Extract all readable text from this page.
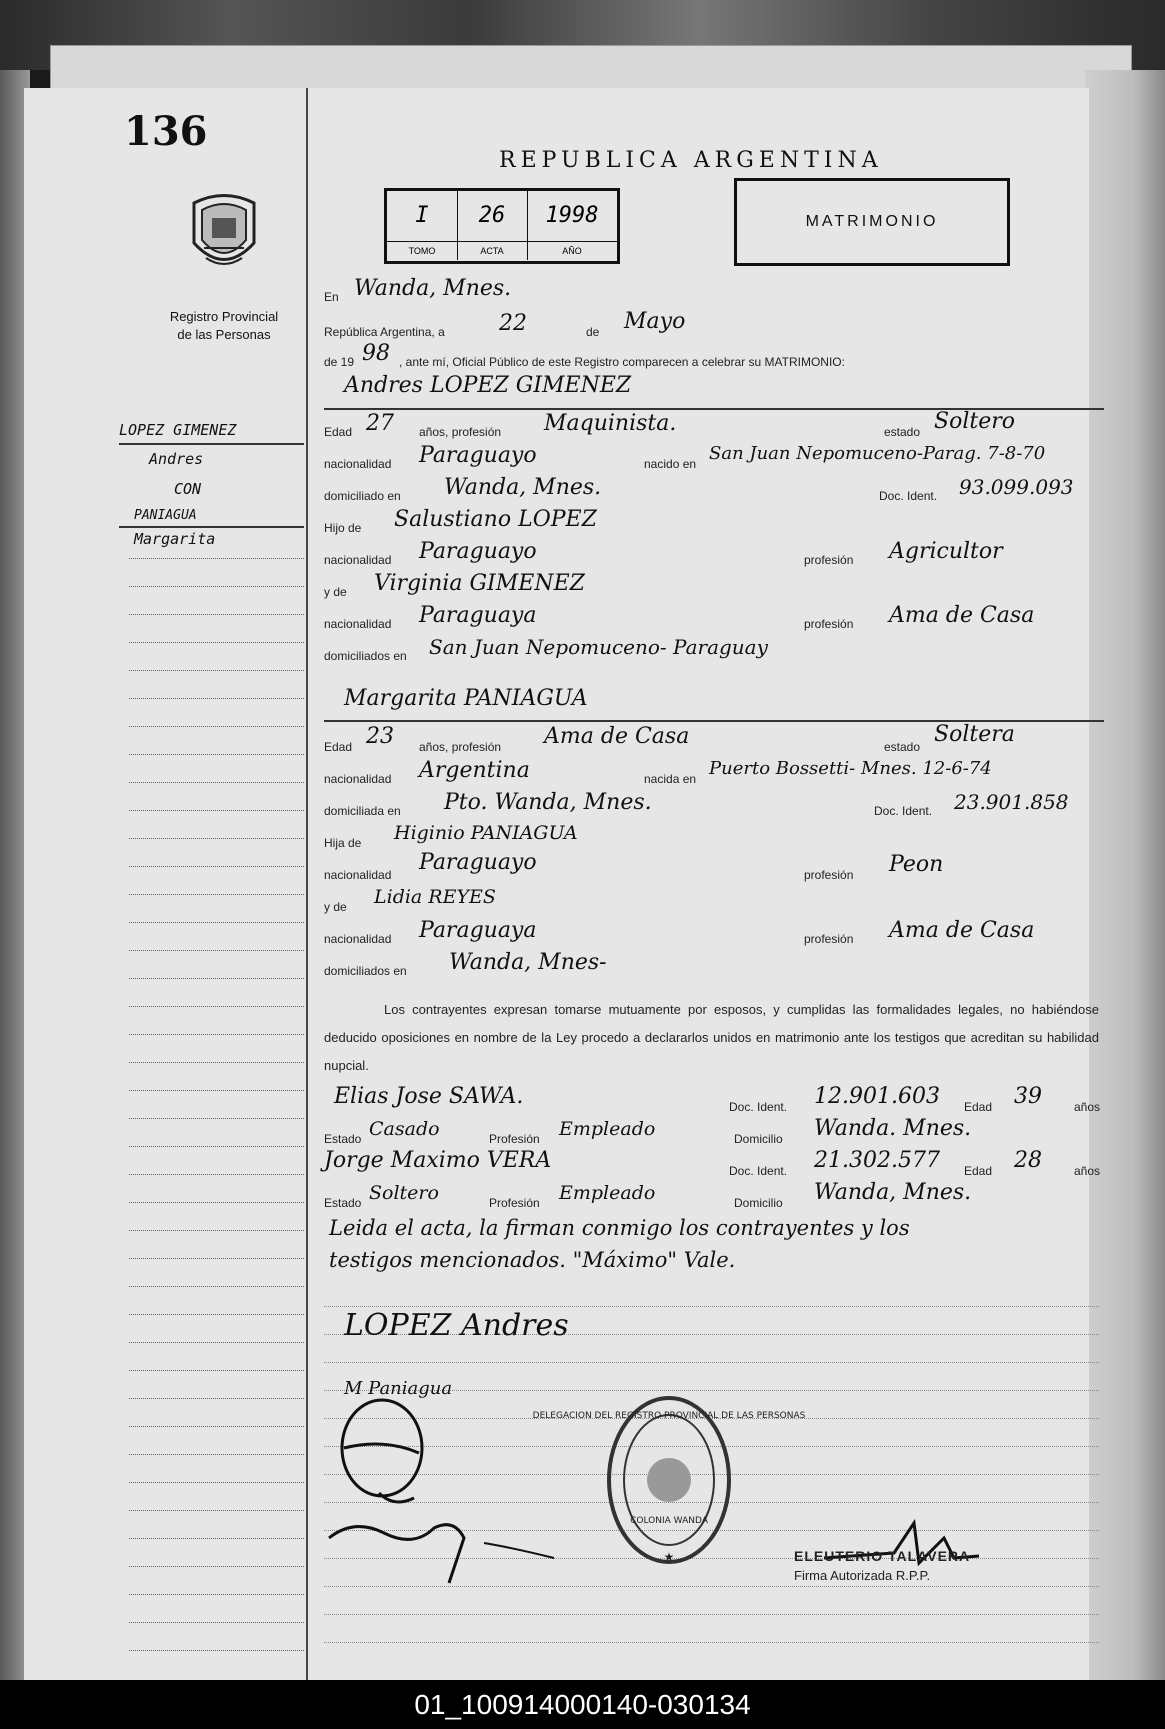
136
Registro Provincial
de las Personas
LOPEZ GIMENEZ
Andres
CON
PANIAGUA
Margarita
REPUBLICA ARGENTINA
I	26	1998
TOMO	ACTA	AÑO
MATRIMONIO
En Wanda, Mnes.
República Argentina, a 22	de Mayo
de 19 98 , ante mí, Oficial Público de este Registro comparecen a celebrar su MATRIMONIO:
Andres LOPEZ GIMENEZ
Edad 27 años, profesión Maquinista.	estado Soltero
nacionalidad Paraguayo	nacido en San Juan Nepomuceno-Parag. 7-8-70
domiciliado en Wanda, Mnes.	Doc. Ident. 93.099.093
Hijo de Salustiano LOPEZ
nacionalidad Paraguayo	profesión Agricultor
y de Virginia GIMENEZ
nacionalidad Paraguaya	profesión Ama de Casa
domiciliados en San Juan Nepomuceno- Paraguay
Margarita PANIAGUA
Edad 23 años, profesión Ama de Casa	estado Soltera
nacionalidad Argentina	nacida en Puerto Bossetti- Mnes. 12-6-74
domiciliada en Pto. Wanda, Mnes.	Doc. Ident. 23.901.858
Hija de Higinio PANIAGUA
nacionalidad Paraguayo	profesión Peon
y de Lidia REYES
nacionalidad Paraguaya	profesión Ama de Casa
domiciliados en Wanda, Mnes-
Los contrayentes expresan tomarse mutuamente por esposos, y cumplidas las formalidades legales, no habiéndose deducido oposiciones en nombre de la Ley procedo a declararlos unidos en matrimonio ante los testigos que acreditan su habilidad nupcial.
Elias Jose SAWA.	Doc. Ident. 12.901.603 Edad 39	años
Estado Casado	Profesión Empleado	Domicilio Wanda. Mnes.
Jorge Maximo VERA	Doc. Ident. 21.302.577 Edad 28	años
Estado Soltero	Profesión Empleado	Domicilio Wanda, Mnes.
Leida el acta, la firman conmigo los contrayentes y los
testigos mencionados. "Máximo" Vale.
LOPEZ Andres
M Paniagua
DELEGACION DEL REGISTRO PROVINCIAL DE LAS PERSONAS
COLONIA WANDA
★	ELEUTERIO TALAVERA
Firma Autorizada R.P.P.
01_100914000140-030134
